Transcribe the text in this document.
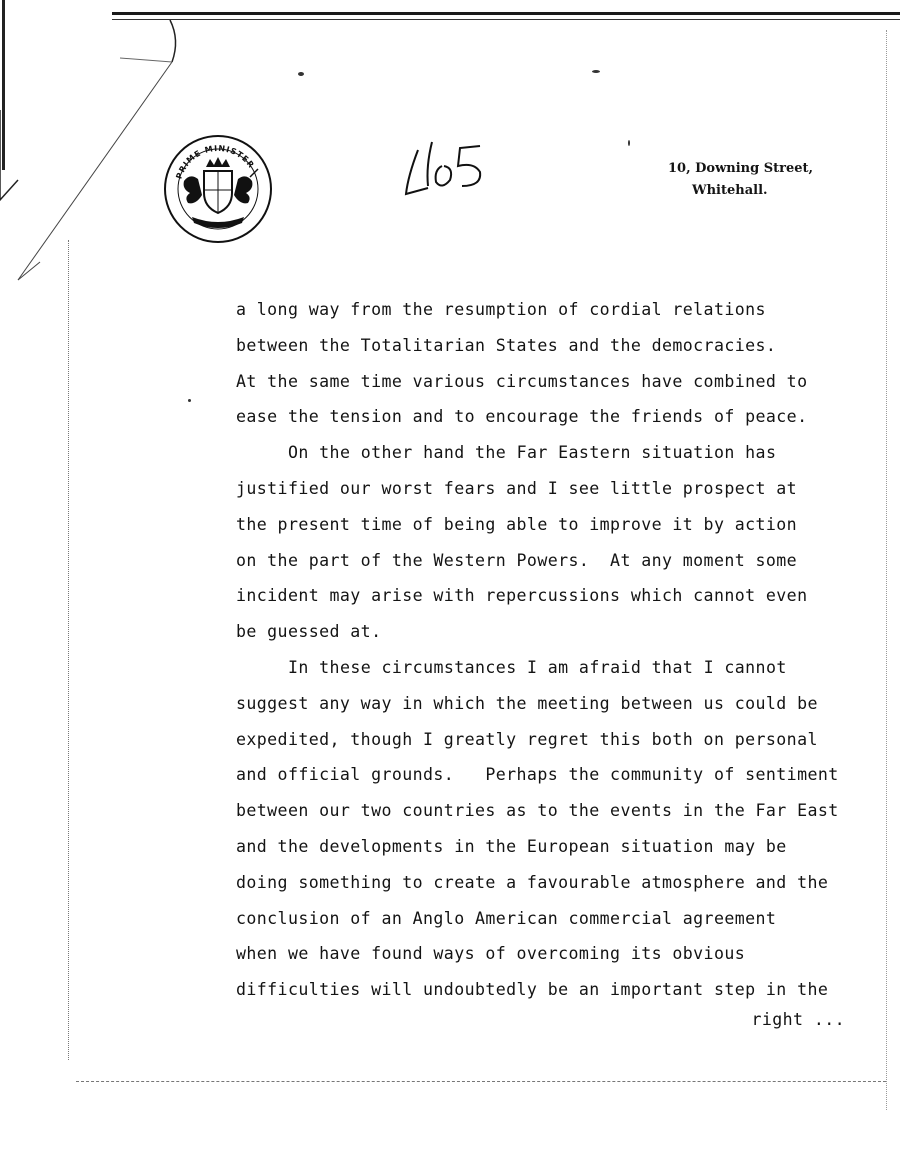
PRIME MINISTER	10, Downing Street,
Whitehall.
a long way from the resumption of cordial relations
between the Totalitarian States and the democracies.
At the same time various circumstances have combined to
ease the tension and to encourage the friends of peace.
On the other hand the Far Eastern situation has
justified our worst fears and I see little prospect at
the present time of being able to improve it by action
on the part of the Western Powers.  At any moment some
incident may arise with repercussions which cannot even
be guessed at.
In these circumstances I am afraid that I cannot
suggest any way in which the meeting between us could be
expedited, though I greatly regret this both on personal
and official grounds.   Perhaps the community of sentiment
between our two countries as to the events in the Far East
and the developments in the European situation may be
doing something to create a favourable atmosphere and the
conclusion of an Anglo American commercial agreement
when we have found ways of overcoming its obvious
difficulties will undoubtedly be an important step in the
right ...
